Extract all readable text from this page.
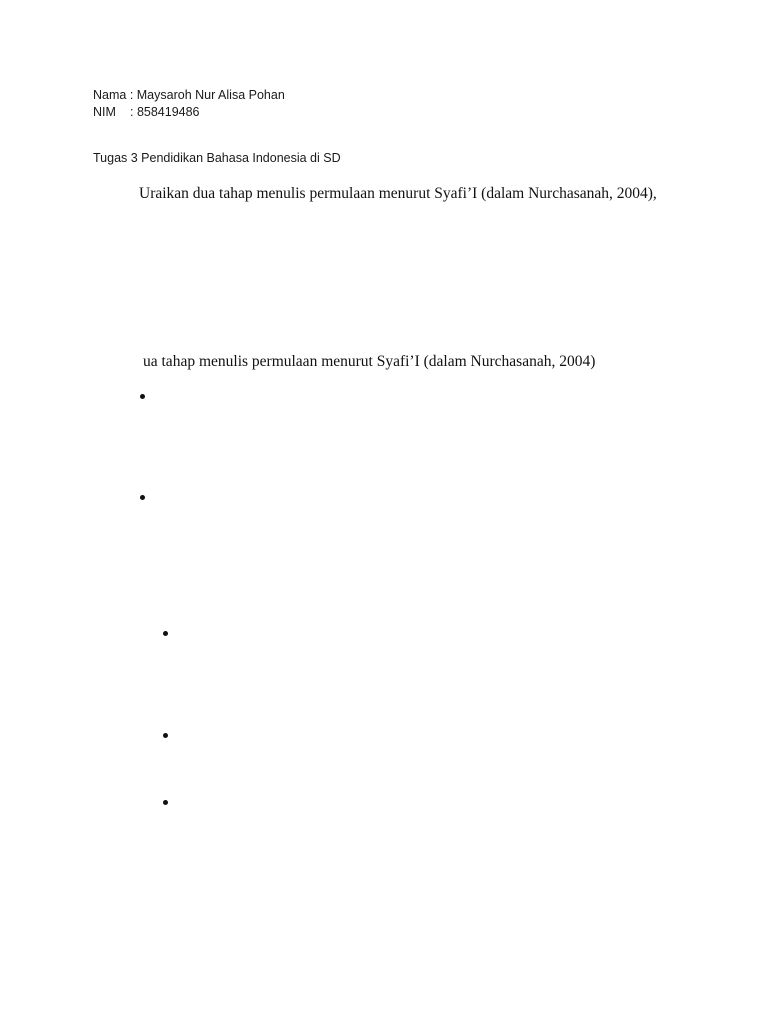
Nama : Maysaroh Nur Alisa Pohan
NIM : 858419486
Tugas 3 Pendidikan Bahasa Indonesia di SD
Uraikan dua tahap menulis permulaan menurut Syafi’I (dalam Nurchasanah, 2004),
ua tahap menulis permulaan menurut Syafi’I (dalam Nurchasanah, 2004)
